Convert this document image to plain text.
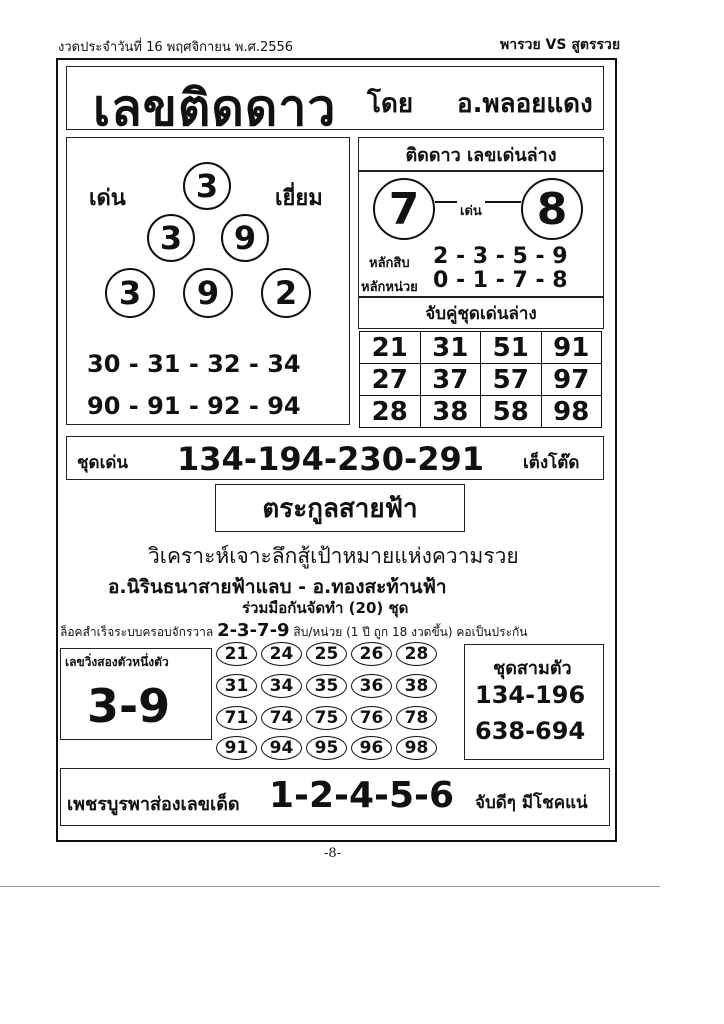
งวดประจำวันที่ 16 พฤศจิกายน พ.ศ.2556	พารวย VS สูตรรวย
เลขติดดาว โดย อ.พลอยแดง
เด่น	เยี่ยม
3
3	9
3	9	2
30 - 31 - 32 - 34
90 - 91 - 92 - 94
ติดดาว เลขเด่นล่าง
7	เด่น	8
หลักสิบ 2 - 3 - 5 - 9
หลักหน่วย 0 - 1 - 7 - 8
จับคู่ชุดเด่นล่าง
21 31 51 91
27 37 57 97
28 38 58 98
ชุดเด่น 134-194-230-291 เต็งโต๊ด
ตระกูลสายฟ้า
วิเคราะห์เจาะลึกสู้เป้าหมายแห่งความรวย
อ.นิรินธนาสายฟ้าแลบ - อ.ทองสะท้านฟ้า
ร่วมมือกันจัดทำ (20) ชุด
ล็อคสำเร็จระบบครอบจักรวาล 2-3-7-9 สิบ/หน่วย (1 ปี ถูก 18 งวดขึ้น) คอเป็นประกัน
เลขวิ่งสองตัวหนึ่งตัว
3-9
21	24	25	26	28
31	34	35	36	38
71	74	75	76	78
91	94	95	96	98
ชุดสามตัว
134-196
638-694
เพชรบูรพาส่องเลขเด็ด 1-2-4-5-6 จับดีๆ มีโชคแน่
-8-
